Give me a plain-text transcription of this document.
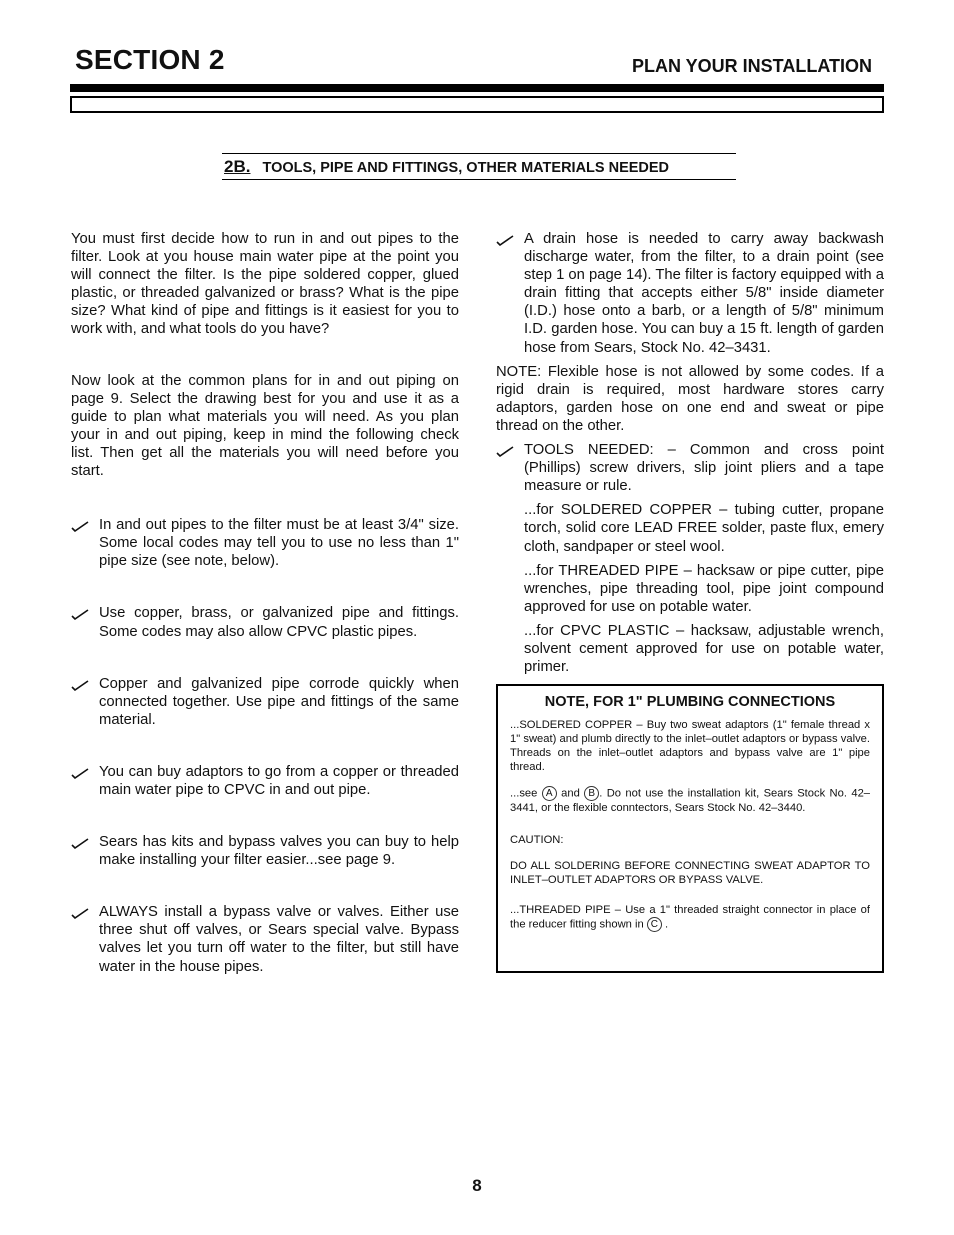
SECTION 2	PLAN YOUR INSTALLATION
2B. TOOLS, PIPE AND FITTINGS, OTHER MATERIALS NEEDED

You must first decide how to run in and out pipes to the filter. Look at you house main water pipe at the point you will connect the filter. Is the pipe soldered copper, glued plastic, or threaded galvanized or brass? What is the pipe size? What kind of pipe and fittings is it easiest for you to work with, and what tools do you have?

Now look at the common plans for in and out piping on page 9. Select the drawing best for you and use it as a guide to plan what materials you will need. As you plan your in and out piping, keep in mind the following check list. Then get all the materials you will need before you start.

In and out pipes to the filter must be at least 3/4" size. Some local codes may tell you to use no less than 1" pipe size (see note, below).
Use copper, brass, or galvanized pipe and fittings. Some codes may also allow CPVC plastic pipes.
Copper and galvanized pipe corrode quickly when connected together. Use pipe and fittings of the same material.
You can buy adaptors to go from a copper or threaded main water pipe to CPVC in and out pipe.
Sears has kits and bypass valves you can buy to help make installing your filter easier...see page 9.
ALWAYS install a bypass valve or valves. Either use three shut off valves, or Sears special valve. Bypass valves let you turn off water to the filter, but still have water in the house pipes.
A drain hose is needed to carry away backwash discharge water, from the filter, to a drain point (see step 1 on page 14). The filter is factory equipped with a drain fitting that accepts either 5/8" inside diameter (I.D.) hose onto a barb, or a length of 5/8" minimum I.D. garden hose. You can buy a 15 ft. length of garden hose from Sears, Stock No. 42–3431.

NOTE: Flexible hose is not allowed by some codes. If a rigid drain is required, most hardware stores carry adaptors, garden hose on one end and sweat or pipe thread on the other.

TOOLS NEEDED: – Common and cross point (Phillips) screw drivers, slip joint pliers and a tape measure or rule.

...for SOLDERED COPPER – tubing cutter, propane torch, solid core LEAD FREE solder, paste flux, emery cloth, sandpaper or steel wool.

...for THREADED PIPE – hacksaw or pipe cutter, pipe wrenches, pipe threading tool, pipe joint compound approved for use on potable water.

...for CPVC PLASTIC – hacksaw, adjustable wrench, solvent cement approved for use on potable water, primer.

NOTE, FOR 1" PLUMBING CONNECTIONS

...SOLDERED COPPER – Buy two sweat adaptors (1" female thread x 1" sweat) and plumb directly to the inlet–outlet adaptors or bypass valve. Threads on the inlet–outlet adaptors and bypass valve are 1" pipe thread.

...see A and B . Do not use the installation kit, Sears Stock No. 42–3441, or the flexible conntectors, Sears Stock No. 42–3440.

CAUTION:

DO ALL SOLDERING BEFORE CONNECTING SWEAT ADAPTOR TO INLET–OUTLET ADAPTORS OR BYPASS VALVE.

...THREADED PIPE – Use a 1" threaded straight connector in place of the reducer fitting shown in C .

8
